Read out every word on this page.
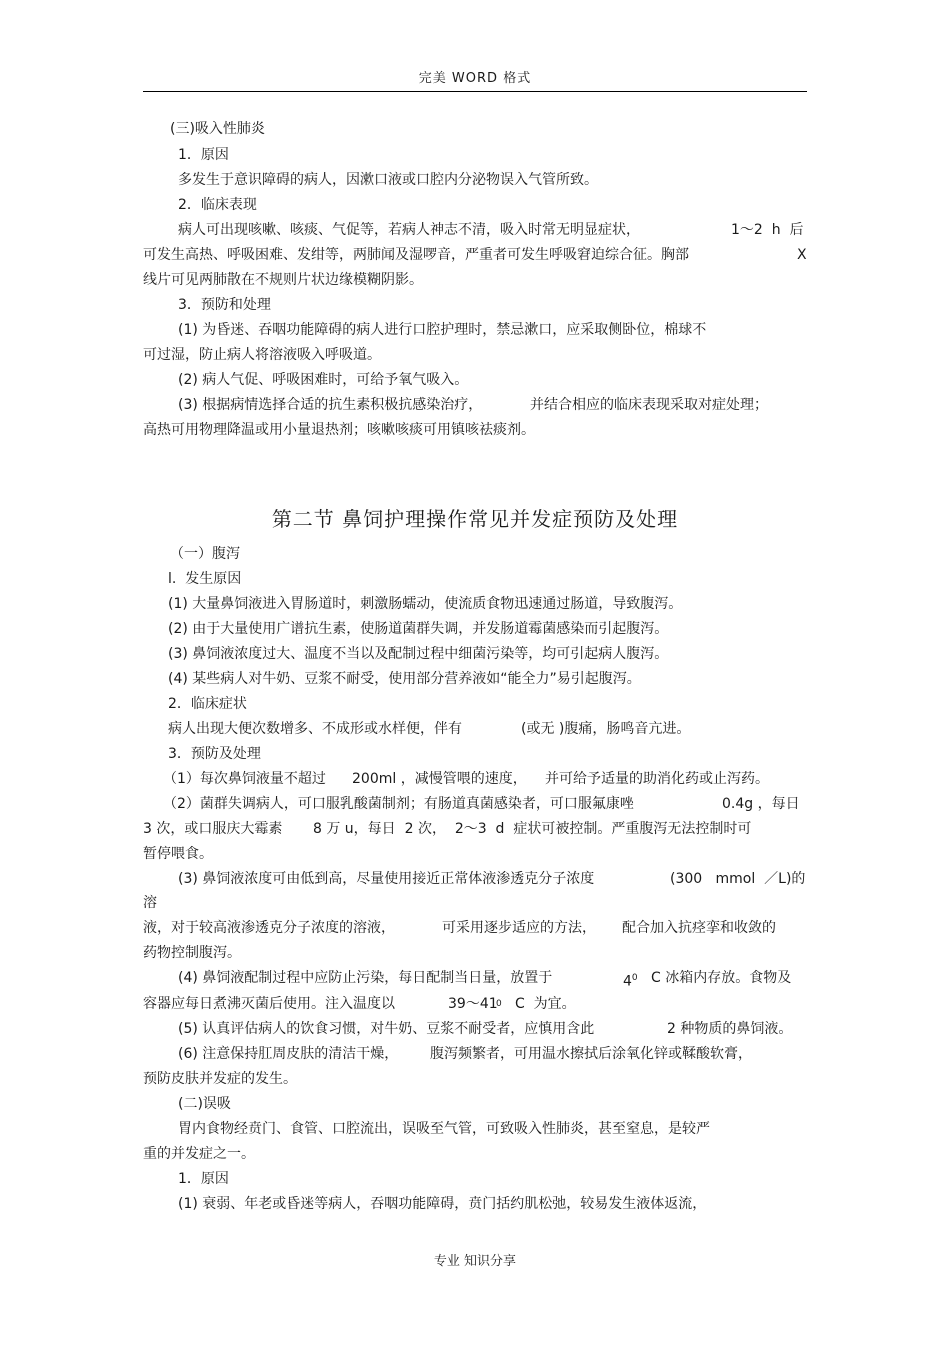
完美 WORD 格式
第二节 鼻饲护理操作常见并发症预防及处理
(三)吸入性肺炎
1．原因
多发生于意识障碍的病人，因漱口液或口腔内分泌物误入气管所致。
2．临床表现
病人可出现咳嗽、咳痰、气促等，若病人神志不清，吸入时常无明显症状，	1～2  h  后
可发生高热、呼吸困难、发绀等，两肺闻及湿啰音，严重者可发生呼吸窘迫综合征。胸部	X
线片可见两肺散在不规则片状边缘模糊阴影。
3．预防和处理
(1) 为昏迷、吞咽功能障碍的病人进行口腔护理时，禁忌漱口，应采取侧卧位，棉球不
可过湿，防止病人将溶液吸入呼吸道。
(2) 病人气促、呼吸困难时，可给予氧气吸入。
(3) 根据病情选择合适的抗生素积极抗感染治疗，	并结合相应的临床表现采取对症处理；
高热可用物理降温或用小量退热剂；咳嗽咳痰可用镇咳祛痰剂。
（一）腹泻
l.  发生原因
(1) 大量鼻饲液进入胃肠道时，刺激肠蠕动，使流质食物迅速通过肠道，导致腹泻。
(2) 由于大量使用广谱抗生素，使肠道菌群失调，并发肠道霉菌感染而引起腹泻。
(3) 鼻饲液浓度过大、温度不当以及配制过程中细菌污染等，均可引起病人腹泻。
(4) 某些病人对牛奶、豆浆不耐受，使用部分营养液如“能全力”易引起腹泻。
2．临床症状
病人出现大便次数增多、不成形或水样便，伴有	(或无 )腹痛，肠鸣音亢进。
3．预防及处理
（1）每次鼻饲液量不超过 200ml ，减慢管喂的速度， 并可给予适量的助消化药或止泻药。
（2）菌群失调病人，可口服乳酸菌制剂；有肠道真菌感染者，可口服氟康唑	0.4g ，每日
3 次，或口服庆大霉素 8 万 u，每日  2 次，  2～3  d  症状可被控制。严重腹泻无法控制时可
暂停喂食。
(3) 鼻饲液浓度可由低到高，尽量使用接近正常体液渗透克分子浓度	(300   mmol  ／L)的
溶
液，对于较高液渗透克分子浓度的溶液，	可采用逐步适应的方法， 配合加入抗痉挛和收敛的
药物控制腹泻。
(4) 鼻饲液配制过程中应防止污染，每日配制当日量，放置于	C 冰箱内存放。食物及
容器应每日煮沸灭菌后使用。注入温度以	39～41 C  为宜。
(5) 认真评估病人的饮食习惯，对牛奶、豆浆不耐受者，应慎用含此	2 种物质的鼻饲液。
(6) 注意保持肛周皮肤的清洁干燥， 腹泻频繁者，可用温水擦拭后涂氧化锌或鞣酸软膏，
预防皮肤并发症的发生。
(二)误吸
胃内食物经贲门、食管、口腔流出，误吸至气管，可致吸入性肺炎，甚至窒息，是较严
重的并发症之一。
1．原因
(1) 衰弱、年老或昏迷等病人，吞咽功能障碍，贲门括约肌松弛，较易发生液体返流，
$4^0$
$^0$
专业 知识分享
